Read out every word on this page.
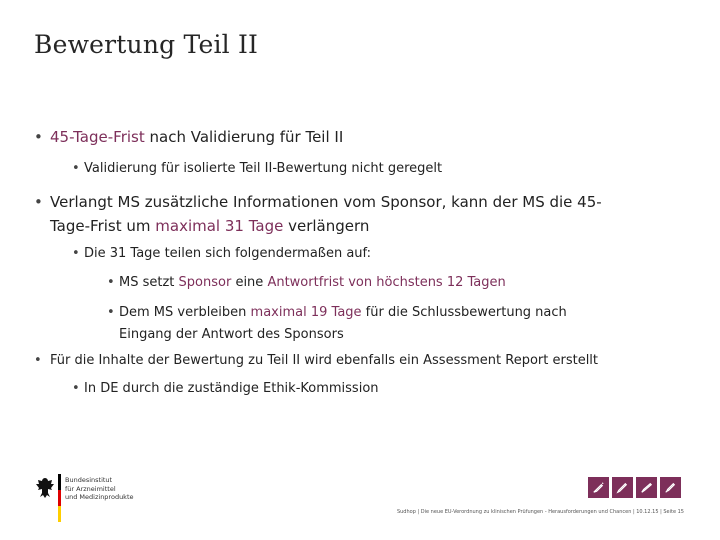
Bewertung Teil II
• 45-Tage-Frist nach Validierung für Teil II
• Validierung für isolierte Teil II-Bewertung nicht geregelt
• Verlangt MS zusätzliche Informationen vom Sponsor, kann der MS die 45-
Tage-Frist um maximal 31 Tage verlängern
• Die 31 Tage teilen sich folgendermaßen auf:
• MS setzt Sponsor eine Antwortfrist von höchstens 12 Tagen
• Dem MS verbleiben maximal 19 Tage für die Schlussbewertung nach
Eingang der Antwort des Sponsors
• Für die Inhalte der Bewertung zu Teil II wird ebenfalls ein Assessment Report erstellt
• In DE durch die zuständige Ethik-Kommission
Bundesinstitut
für Arzneimittel
und Medizinprodukte
Sudhop | Die neue EU-Verordnung zu klinischen Prüfungen - Herausforderungen und Chancen | 10.12.15 | Seite 15
